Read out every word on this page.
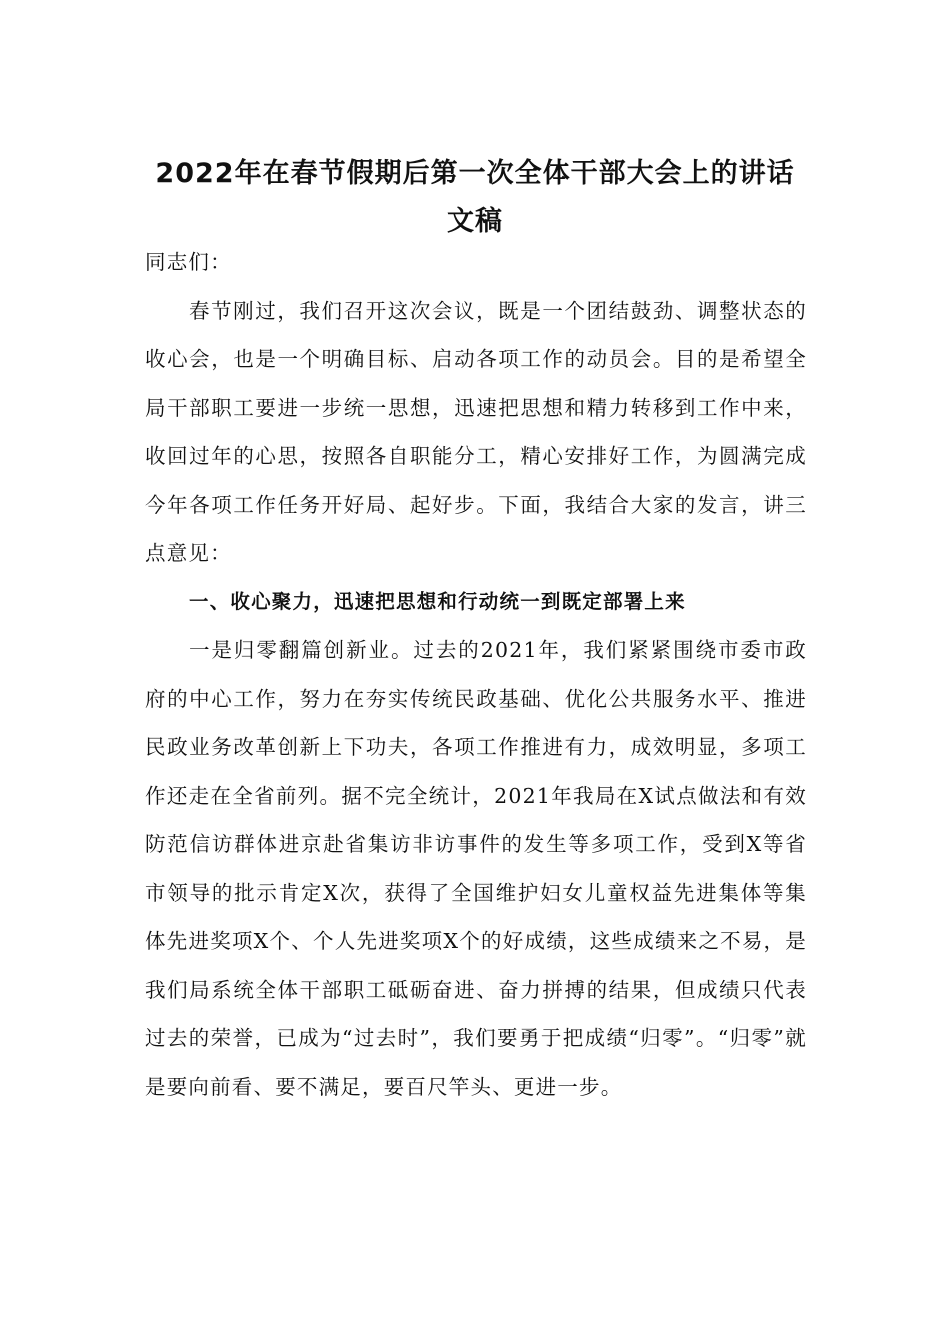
2022年在春节假期后第一次全体干部大会上的讲话
文稿

同志们：

春节刚过，我们召开这次会议，既是一个团结鼓劲、调整状态的收心会，也是一个明确目标、启动各项工作的动员会。目的是希望全局干部职工要进一步统一思想，迅速把思想和精力转移到工作中来，收回过年的心思，按照各自职能分工，精心安排好工作，为圆满完成今年各项工作任务开好局、起好步。下面，我结合大家的发言，讲三点意见：

一、收心聚力，迅速把思想和行动统一到既定部署上来

一是归零翻篇创新业。过去的2021年，我们紧紧围绕市委市政府的中心工作，努力在夯实传统民政基础、优化公共服务水平、推进民政业务改革创新上下功夫，各项工作推进有力，成效明显，多项工作还走在全省前列。据不完全统计，2021年我局在X试点做法和有效防范信访群体进京赴省集访非访事件的发生等多项工作，受到X等省市领导的批示肯定X次，获得了全国维护妇女儿童权益先进集体等集体先进奖项X个、个人先进奖项X个的好成绩，这些成绩来之不易，是我们局系统全体干部职工砥砺奋进、奋力拼搏的结果，但成绩只代表过去的荣誉，已成为“过去时”，我们要勇于把成绩“归零”。“归零”就是要向前看、要不满足，要百尺竿头、更进一步。
